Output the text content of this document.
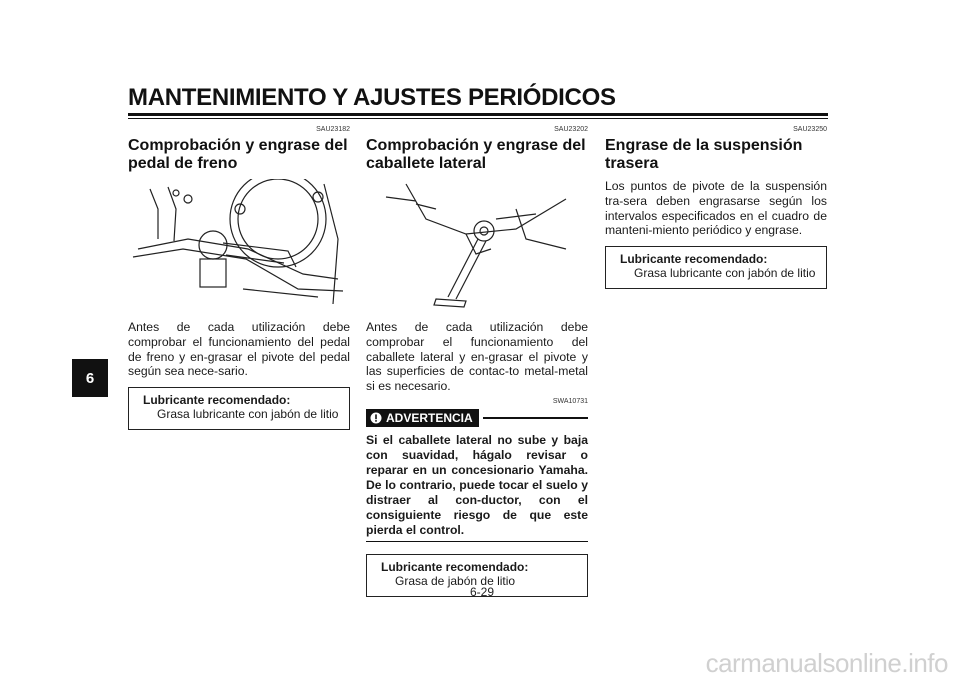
MANTENIMIENTO Y AJUSTES PERIÓDICOS
6
SAU23182
Comprobación y engrase del
pedal de freno
Antes de cada utilización debe comprobar el funcionamiento del pedal de freno y en-grasar el pivote del pedal según sea nece-sario.
Lubricante recomendado:
Grasa lubricante con jabón de litio
SAU23202
Comprobación y engrase del
caballete lateral
Antes de cada utilización debe comprobar el funcionamiento del caballete lateral y en-grasar el pivote y las superficies de contac-to metal-metal si es necesario.
SWA10731
ADVERTENCIA
Si el caballete lateral no sube y baja con suavidad, hágalo revisar o reparar en un concesionario Yamaha. De lo contrario, puede tocar el suelo y distraer al con-ductor, con el consiguiente riesgo de que este pierda el control.
Lubricante recomendado:
Grasa de jabón de litio
SAU23250
Engrase de la suspensión
trasera
Los puntos de pivote de la suspensión tra-sera deben engrasarse según los intervalos especificados en el cuadro de manteni-miento periódico y engrase.
Lubricante recomendado:
Grasa lubricante con jabón de litio
6-29
carmanualsonline.info
